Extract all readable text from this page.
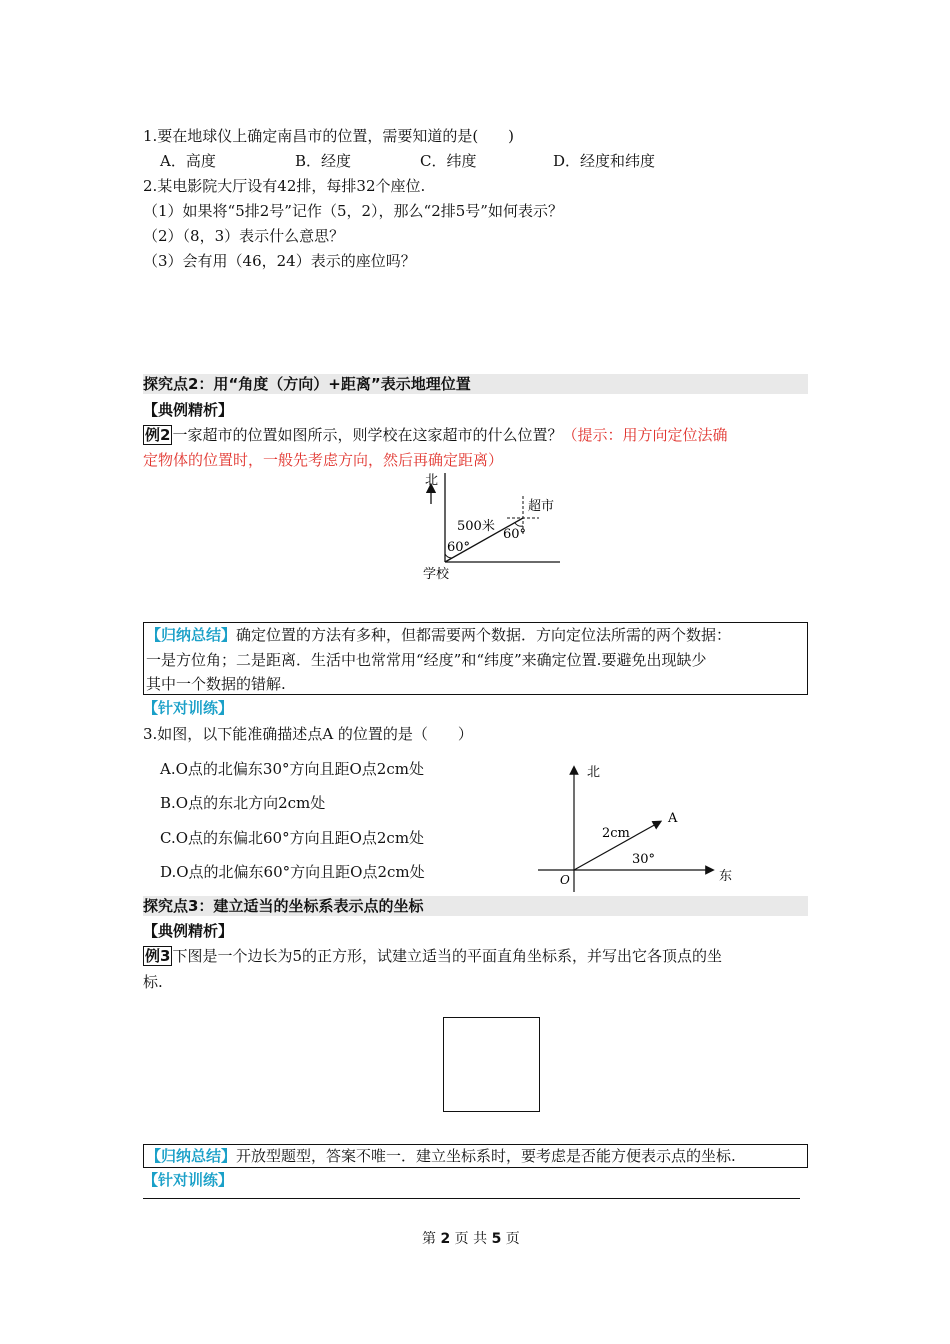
1.要在地球仪上确定南昌市的位置，需要知道的是(　　)
A．高度	B．经度	C．纬度	D．经度和纬度
2.某电影院大厅设有42排，每排32个座位.
（1）如果将“5排2号”记作（5，2），那么“2排5号”如何表示？
（2）（8，3）表示什么意思？
（3）会有用（46，24）表示的座位吗？
探究点2：用“角度（方向）+距离”表示地理位置
【典例精析】
例2 一家超市的位置如图所示，则学校在这家超市的什么位置？（提示：用方向定位法确
定物体的位置时，一般先考虑方向，然后再确定距离）
北
超市
500米
60°
60°
学校
【归纳总结】确定位置的方法有多种，但都需要两个数据．方向定位法所需的两个数据：
一是方位角；二是距离．生活中也常常用“经度”和“纬度”来确定位置.要避免出现缺少
其中一个数据的错解.
【针对训练】
3.如图，以下能准确描述点A 的位置的是（　　）
A.O点的北偏东30°方向且距O点2cm处
B.O点的东北方向2cm处
C.O点的东偏北60°方向且距O点2cm处
D.O点的北偏东60°方向且距O点2cm处
北
东
O
A
2cm
30°
探究点3：建立适当的坐标系表示点的坐标
【典例精析】
例3 下图是一个边长为5的正方形，试建立适当的平面直角坐标系，并写出它各顶点的坐
标.
【归纳总结】开放型题型，答案不唯一．建立坐标系时，要考虑是否能方便表示点的坐标.
【针对训练】
第 2 页 共 5 页
